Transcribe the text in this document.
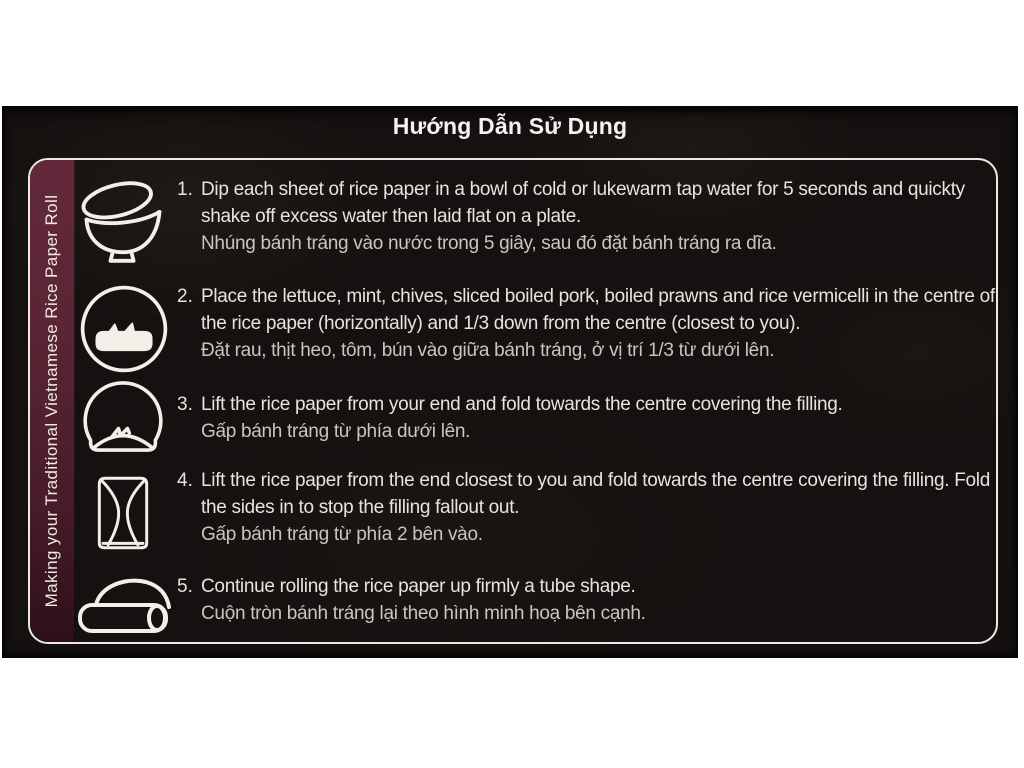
Hướng Dẫn Sử Dụng
Making your Traditional Vietnamese Rice Paper Roll
1. Dip each sheet of rice paper in a bowl of cold or lukewarm tap water for 5 seconds and quickty shake off excess water then laid flat on a plate.
Nhúng bánh tráng vào nước trong 5 giây, sau đó đặt bánh tráng ra dĩa.
2. Place the lettuce, mint, chives, sliced boiled pork, boiled prawns and rice vermicelli in the centre of the rice paper (horizontally) and 1/3 down from the centre (closest to you).
Đặt rau, thịt heo, tôm, bún vào giữa bánh tráng, ở vị trí 1/3 từ dưới lên.
3. Lift the rice paper from your end and fold towards the centre covering the filling.
Gấp bánh tráng từ phía dưới lên.
4. Lift the rice paper from the end closest to you and fold towards the centre covering the filling. Fold the sides in to stop the filling fallout out.
Gấp bánh tráng từ phía 2 bên vào.
5. Continue rolling the rice paper up firmly a tube shape.
Cuộn tròn bánh tráng lại theo hình minh hoạ bên cạnh.
